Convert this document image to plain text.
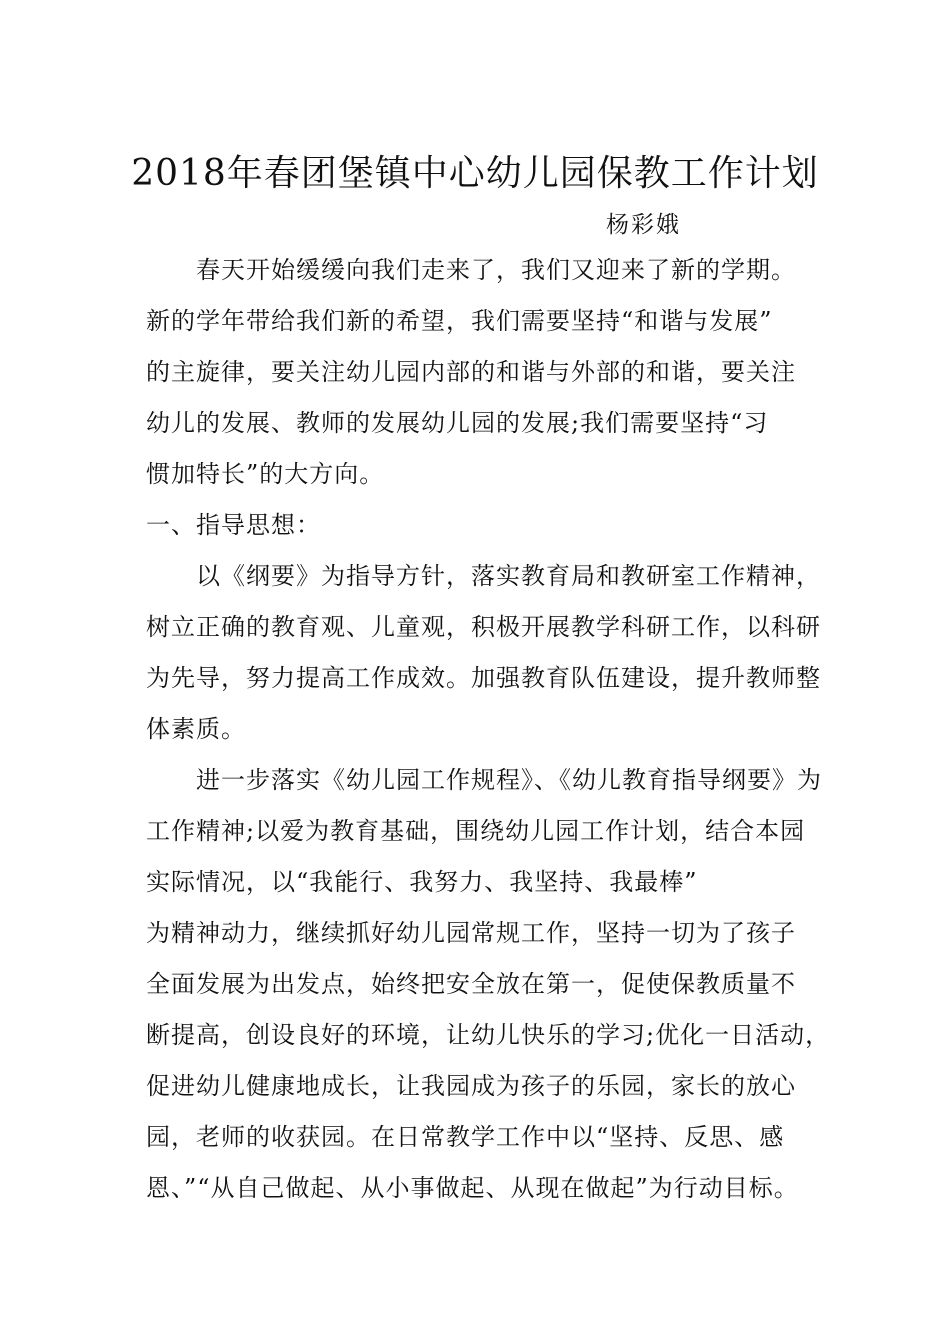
2018年春团堡镇中心幼儿园保教工作计划
杨彩娥
春天开始缓缓向我们走来了，我们又迎来了新的学期。
新的学年带给我们新的希望，我们需要坚持“和谐与发展”
的主旋律，要关注幼儿园内部的和谐与外部的和谐，要关注
幼儿的发展、教师的发展幼儿园的发展;我们需要坚持“习
惯加特长”的大方向。
一、指导思想：
以《纲要》为指导方针，落实教育局和教研室工作精神，
树立正确的教育观、儿童观，积极开展教学科研工作，以科研
为先导，努力提高工作成效。加强教育队伍建设，提升教师整
体素质。
进一步落实《幼儿园工作规程》、《幼儿教育指导纲要》为
工作精神;以爱为教育基础，围绕幼儿园工作计划，结合本园
实际情况，以“我能行、我努力、我坚持、我最棒”
为精神动力，继续抓好幼儿园常规工作，坚持一切为了孩子
全面发展为出发点，始终把安全放在第一，促使保教质量不
断提高，创设良好的环境，让幼儿快乐的学习;优化一日活动，
促进幼儿健康地成长，让我园成为孩子的乐园，家长的放心
园，老师的收获园。在日常教学工作中以“坚持、反思、感
恩、”“从自己做起、从小事做起、从现在做起”为行动目标。
